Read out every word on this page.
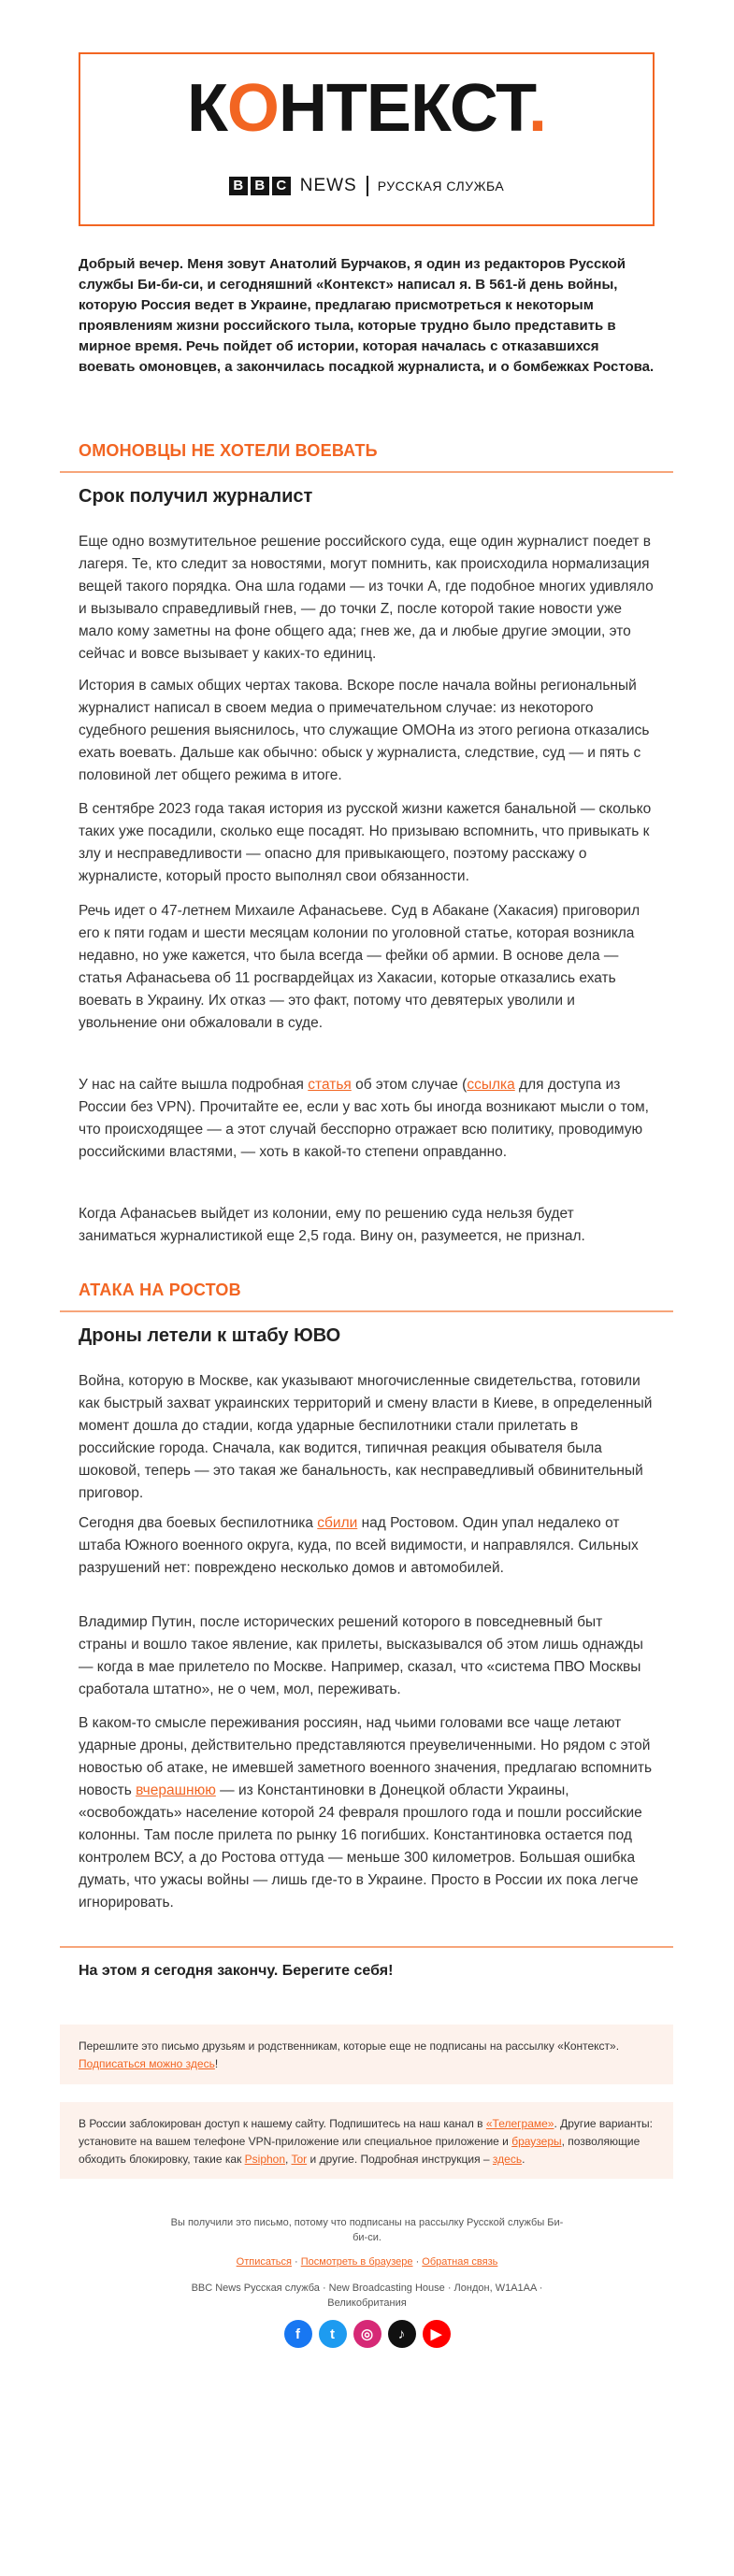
КОНТЕКСТ.
B B C NEWS РУССКАЯ СЛУЖБА
Добрый вечер. Меня зовут Анатолий Бурчаков, я один из редакторов Русской службы Би-би-си, и сегодняшний «Контекст» написал я. В 561-й день войны, которую Россия ведет в Украине, предлагаю присмотреться к некоторым проявлениям жизни российского тыла, которые трудно было представить в мирное время. Речь пойдет об истории, которая началась с отказавшихся воевать омоновцев, а закончилась посадкой журналиста, и о бомбежках Ростова.
ОМОНОВЦЫ НЕ ХОТЕЛИ ВОЕВАТЬ
Срок получил журналист
Еще одно возмутительное решение российского суда, еще один журналист поедет в лагеря. Те, кто следит за новостями, могут помнить, как происходила нормализация вещей такого порядка. Она шла годами — из точки А, где подобное многих удивляло и вызывало справедливый гнев, — до точки Z, после которой такие новости уже мало кому заметны на фоне общего ада; гнев же, да и любые другие эмоции, это сейчас и вовсе вызывает у каких-то единиц.
История в самых общих чертах такова. Вскоре после начала войны региональный журналист написал в своем медиа о примечательном случае: из некоторого судебного решения выяснилось, что служащие ОМОНа из этого региона отказались ехать воевать. Дальше как обычно: обыск у журналиста, следствие, суд — и пять с половиной лет общего режима в итоге.
В сентябре 2023 года такая история из русской жизни кажется банальной — сколько таких уже посадили, сколько еще посадят. Но призываю вспомнить, что привыкать к злу и несправедливости — опасно для привыкающего, поэтому расскажу о журналисте, который просто выполнял свои обязанности.
Речь идет о 47-летнем Михаиле Афанасьеве. Суд в Абакане (Хакасия) приговорил его к пяти годам и шести месяцам колонии по уголовной статье, которая возникла недавно, но уже кажется, что была всегда — фейки об армии. В основе дела — статья Афанасьева об 11 росгвардейцах из Хакасии, которые отказались ехать воевать в Украину. Их отказ — это факт, потому что девятерых уволили и увольнение они обжаловали в суде.
У нас на сайте вышла подробная статья об этом случае (ссылка для доступа из России без VPN). Прочитайте ее, если у вас хоть бы иногда возникают мысли о том, что происходящее — а этот случай бесспорно отражает всю политику, проводимую российскими властями, — хоть в какой-то степени оправданно.
Когда Афанасьев выйдет из колонии, ему по решению суда нельзя будет заниматься журналистикой еще 2,5 года. Вину он, разумеется, не признал.
АТАКА НА РОСТОВ
Дроны летели к штабу ЮВО
Война, которую в Москве, как указывают многочисленные свидетельства, готовили как быстрый захват украинских территорий и смену власти в Киеве, в определенный момент дошла до стадии, когда ударные беспилотники стали прилетать в российские города. Сначала, как водится, типичная реакция обывателя была шоковой, теперь — это такая же банальность, как несправедливый обвинительный приговор.
Сегодня два боевых беспилотника сбили над Ростовом. Один упал недалеко от штаба Южного военного округа, куда, по всей видимости, и направлялся. Сильных разрушений нет: повреждено несколько домов и автомобилей.
Владимир Путин, после исторических решений которого в повседневный быт страны и вошло такое явление, как прилеты, высказывался об этом лишь однажды — когда в мае прилетело по Москве. Например, сказал, что «система ПВО Москвы сработала штатно», не о чем, мол, переживать.
В каком-то смысле переживания россиян, над чьими головами все чаще летают ударные дроны, действительно представляются преувеличенными. Но рядом с этой новостью об атаке, не имевшей заметного военного значения, предлагаю вспомнить новость вчерашнюю — из Константиновки в Донецкой области Украины, «освобождать» население которой 24 февраля прошлого года и пошли российские колонны. Там после прилета по рынку 16 погибших. Константиновка остается под контролем ВСУ, а до Ростова оттуда — меньше 300 километров. Большая ошибка думать, что ужасы войны — лишь где-то в Украине. Просто в России их пока легче игнорировать.
На этом я сегодня закончу. Берегите себя!
Перешлите это письмо друзьям и родственникам, которые еще не подписаны на рассылку «Контекст». Подписаться можно здесь!
В России заблокирован доступ к нашему сайту. Подпишитесь на наш канал в «Телеграме». Другие варианты: установите на вашем телефоне VPN-приложение или специальное приложение и браузеры, позволяющие обходить блокировку, такие как Psiphon, Tor и другие. Подробная инструкция – здесь.
Вы получили это письмо, потому что подписаны на рассылку Русской службы Би-би-си.
Отписаться · Посмотреть в браузере · Обратная связь
BBC News Русская служба · New Broadcasting House · Лондон, W1A1AA · Великобритания
f	t	◎	♪	▶
